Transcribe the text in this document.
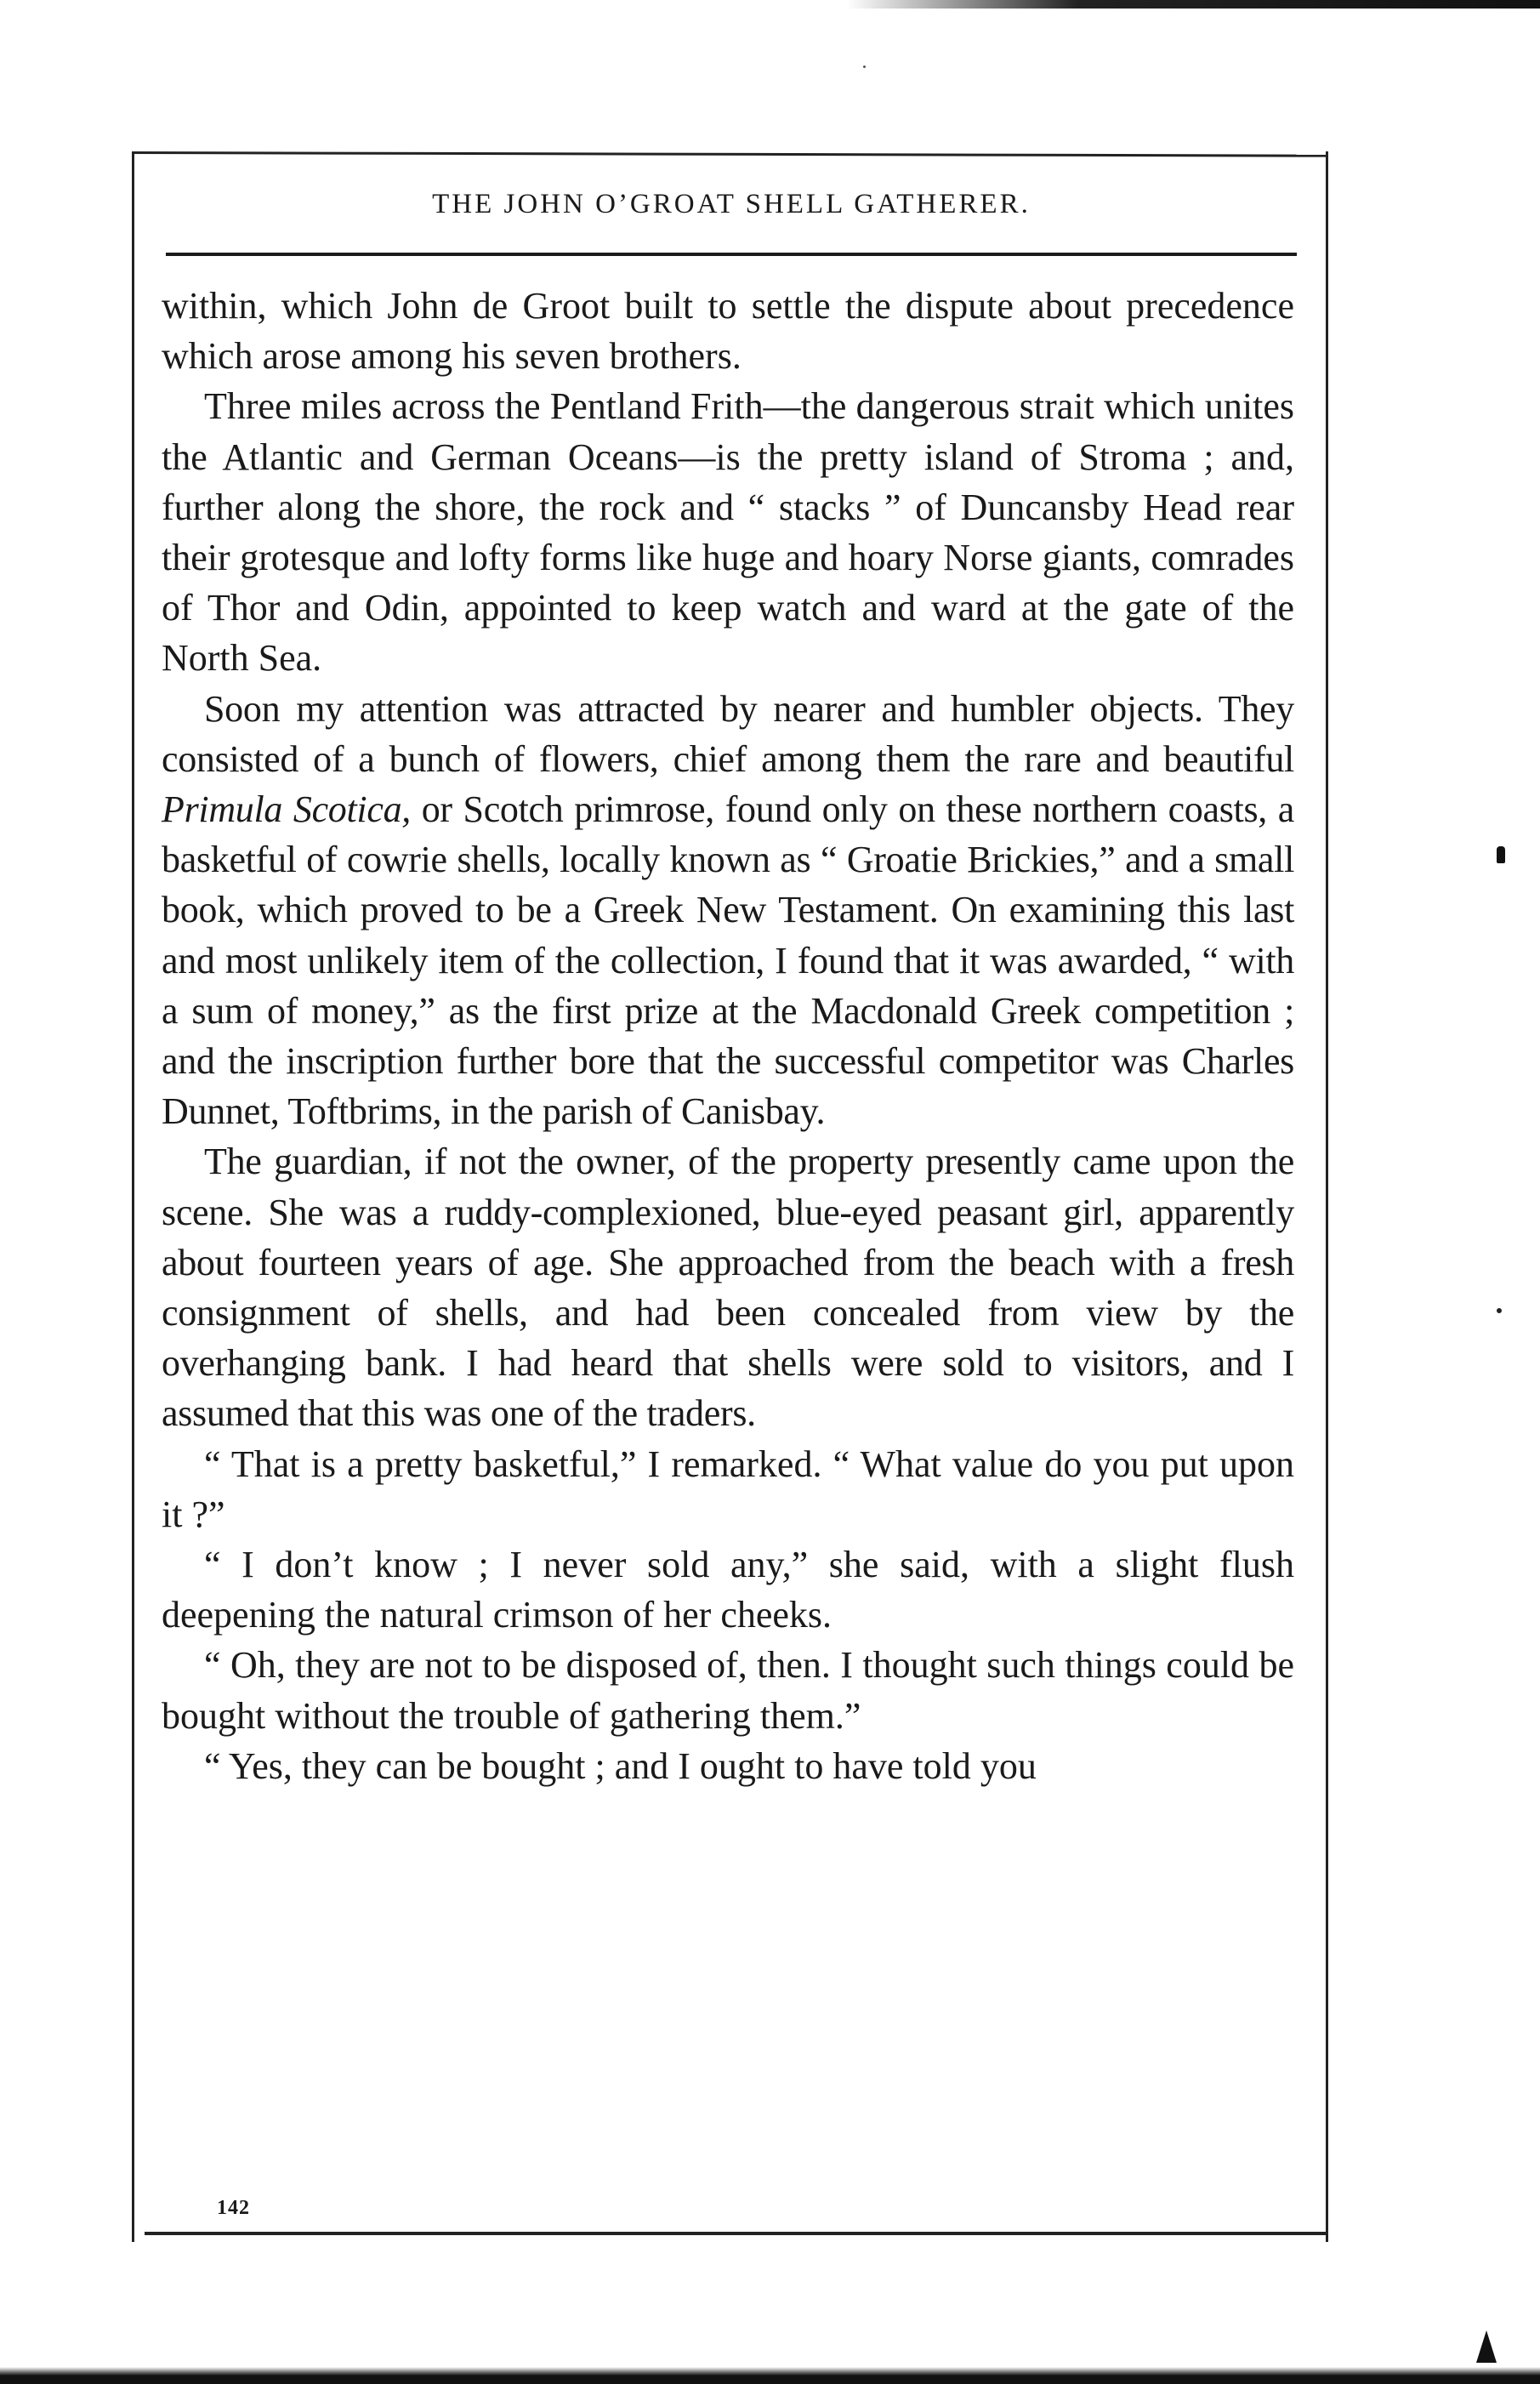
THE JOHN O’GROAT SHELL GATHERER.

within, which John de Groot built to settle the dispute about precedence which arose among his seven brothers.

Three miles across the Pentland Frith—the dangerous strait which unites the Atlantic and German Oceans—is the pretty island of Stroma ; and, further along the shore, the rock and “ stacks ” of Duncansby Head rear their grotesque and lofty forms like huge and hoary Norse giants, comrades of Thor and Odin, appointed to keep watch and ward at the gate of the North Sea.

Soon my attention was attracted by nearer and humbler objects. They consisted of a bunch of flowers, chief among them the rare and beautiful Primula Scotica, or Scotch primrose, found only on these northern coasts, a basketful of cowrie shells, locally known as “ Groatie Brickies,” and a small book, which proved to be a Greek New Testament. On examining this last and most unlikely item of the collection, I found that it was awarded, “ with a sum of money,” as the first prize at the Macdonald Greek competition ; and the inscription further bore that the successful competitor was Charles Dunnet, Toftbrims, in the parish of Canisbay.

The guardian, if not the owner, of the property presently came upon the scene. She was a ruddy-complexioned, blue-eyed peasant girl, apparently about fourteen years of age. She approached from the beach with a fresh consignment of shells, and had been concealed from view by the overhanging bank. I had heard that shells were sold to visitors, and I assumed that this was one of the traders.

“ That is a pretty basketful,” I remarked. “ What value do you put upon it ?”

“ I don’t know ; I never sold any,” she said, with a slight flush deepening the natural crimson of her cheeks.

“ Oh, they are not to be disposed of, then. I thought such things could be bought without the trouble of gathering them.”

“ Yes, they can be bought ; and I ought to have told you

142
